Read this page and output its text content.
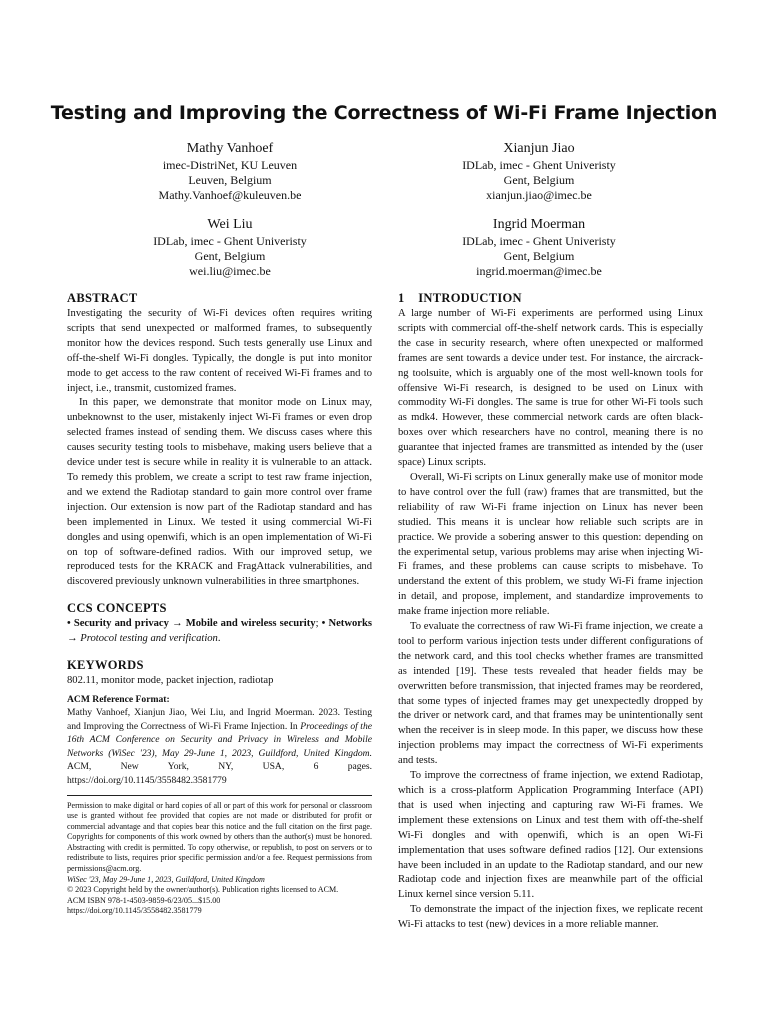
Testing and Improving the Correctness of Wi-Fi Frame Injection
Mathy Vanhoef
imec-DistriNet, KU Leuven
Leuven, Belgium
Mathy.Vanhoef@kuleuven.be
Xianjun Jiao
IDLab, imec - Ghent Univeristy
Gent, Belgium
xianjun.jiao@imec.be
Wei Liu
IDLab, imec - Ghent Univeristy
Gent, Belgium
wei.liu@imec.be
Ingrid Moerman
IDLab, imec - Ghent Univeristy
Gent, Belgium
ingrid.moerman@imec.be
ABSTRACT

Investigating the security of Wi-Fi devices often requires writing scripts that send unexpected or malformed frames, to subsequently monitor how the devices respond. Such tests generally use Linux and off-the-shelf Wi-Fi dongles. Typically, the dongle is put into monitor mode to get access to the raw content of received Wi-Fi frames and to inject, i.e., transmit, customized frames.

In this paper, we demonstrate that monitor mode on Linux may, unbeknownst to the user, mistakenly inject Wi-Fi frames or even drop selected frames instead of sending them. We discuss cases where this causes security testing tools to misbehave, making users believe that a device under test is secure while in reality it is vulnerable to an attack. To remedy this problem, we create a script to test raw frame injection, and we extend the Radiotap standard to gain more control over frame injection. Our extension is now part of the Radiotap standard and has been implemented in Linux. We tested it using commercial Wi-Fi dongles and using openwifi, which is an open implementation of Wi-Fi on top of software-defined radios. With our improved setup, we reproduced tests for the KRACK and FragAttack vulnerabilities, and discovered previously unknown vulnerabilities in three smartphones.

CCS CONCEPTS

• Security and privacy → Mobile and wireless security; • Networks → Protocol testing and verification.

KEYWORDS

802.11, monitor mode, packet injection, radiotap

ACM Reference Format:

Mathy Vanhoef, Xianjun Jiao, Wei Liu, and Ingrid Moerman. 2023. Testing and Improving the Correctness of Wi-Fi Frame Injection. In Proceedings of the 16th ACM Conference on Security and Privacy in Wireless and Mobile Networks (WiSec '23), May 29-June 1, 2023, Guildford, United Kingdom. ACM, New York, NY, USA, 6 pages. https://doi.org/10.1145/3558482.3581779

Permission to make digital or hard copies of all or part of this work for personal or classroom use is granted without fee provided that copies are not made or distributed for profit or commercial advantage and that copies bear this notice and the full citation on the first page. Copyrights for components of this work owned by others than the author(s) must be honored. Abstracting with credit is permitted. To copy otherwise, or republish, to post on servers or to redistribute to lists, requires prior specific permission and/or a fee. Request permissions from permissions@acm.org.

WiSec '23, May 29-June 1, 2023, Guildford, United Kingdom
© 2023 Copyright held by the owner/author(s). Publication rights licensed to ACM.
ACM ISBN 978-1-4503-9859-6/23/05...$15.00
https://doi.org/10.1145/3558482.3581779
1    INTRODUCTION

A large number of Wi-Fi experiments are performed using Linux scripts with commercial off-the-shelf network cards. This is especially the case in security research, where often unexpected or malformed frames are sent towards a device under test. For instance, the aircrack-ng toolsuite, which is arguably one of the most well-known tools for offensive Wi-Fi research, is designed to be used on Linux with commodity Wi-Fi dongles. The same is true for other Wi-Fi tools such as mdk4. However, these commercial network cards are often black-boxes over which researchers have no control, meaning there is no guarantee that injected frames are transmitted as intended by the (user space) Linux scripts.

Overall, Wi-Fi scripts on Linux generally make use of monitor mode to have control over the full (raw) frames that are transmitted, but the reliability of raw Wi-Fi frame injection on Linux has never been studied. This means it is unclear how reliable such scripts are in practice. We provide a sobering answer to this question: depending on the experimental setup, various problems may arise when injecting Wi-Fi frames, and these problems can cause scripts to misbehave. To understand the extent of this problem, we study Wi-Fi frame injection in detail, and propose, implement, and standardize improvements to make frame injection more reliable.

To evaluate the correctness of raw Wi-Fi frame injection, we create a tool to perform various injection tests under different configurations of the network card, and this tool checks whether frames are transmitted as intended [19]. These tests revealed that header fields may be overwritten before transmission, that injected frames may be reordered, that some types of injected frames may get unexpectedly dropped by the driver or network card, and that frames may be unintentionally sent when the receiver is in sleep mode. In this paper, we discuss how these injection problems may impact the correctness of Wi-Fi experiments and tests.

To improve the correctness of frame injection, we extend Radiotap, which is a cross-platform Application Programming Interface (API) that is used when injecting and capturing raw Wi-Fi frames. We implement these extensions on Linux and test them with off-the-shelf Wi-Fi dongles and with openwifi, which is an open Wi-Fi implementation that uses software defined radios [12]. Our extensions have been included in an update to the Radiotap standard, and our new Radiotap code and injection fixes are meanwhile part of the official Linux kernel since version 5.11.

To demonstrate the impact of the injection fixes, we replicate recent Wi-Fi attacks to test (new) devices in a more reliable manner.
